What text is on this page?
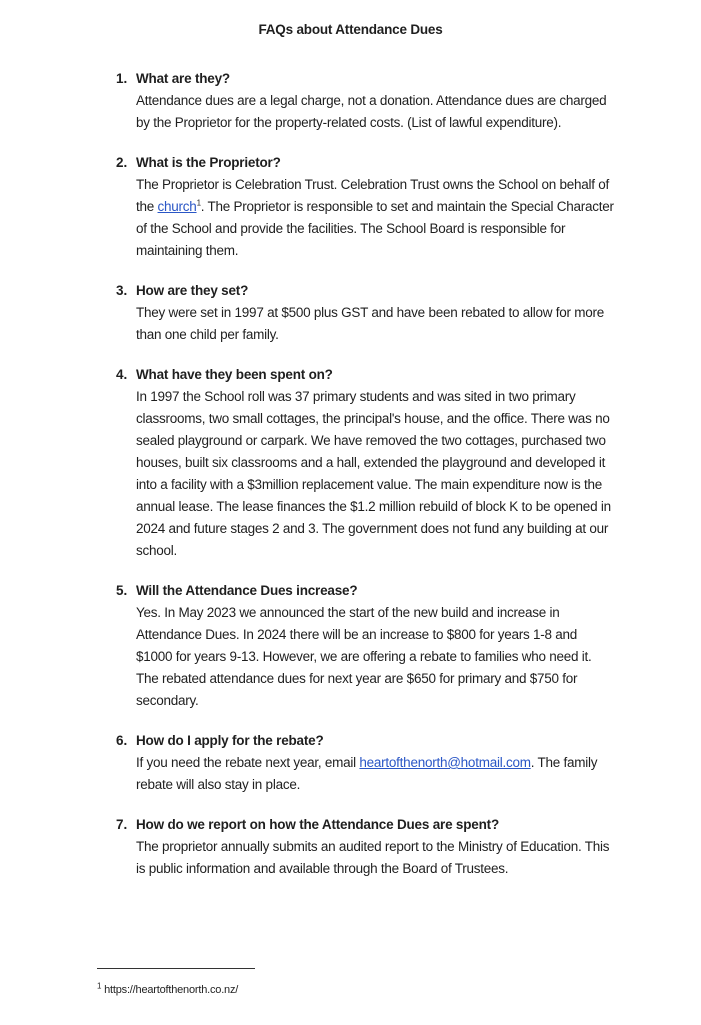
FAQs about Attendance Dues
1. What are they?
Attendance dues are a legal charge, not a donation. Attendance dues are charged by the Proprietor for the property-related costs. (List of lawful expenditure).
2. What is the Proprietor?
The Proprietor is Celebration Trust. Celebration Trust owns the School on behalf of the church$^1$. The Proprietor is responsible to set and maintain the Special Character of the School and provide the facilities. The School Board is responsible for maintaining them.
3. How are they set?
They were set in 1997 at $500 plus GST and have been rebated to allow for more than one child per family.
4. What have they been spent on?
In 1997 the School roll was 37 primary students and was sited in two primary classrooms, two small cottages, the principal's house, and the office. There was no sealed playground or carpark. We have removed the two cottages, purchased two houses, built six classrooms and a hall, extended the playground and developed it into a facility with a $3million replacement value. The main expenditure now is the annual lease. The lease finances the $1.2 million rebuild of block K to be opened in 2024 and future stages 2 and 3. The government does not fund any building at our school.
5. Will the Attendance Dues increase?
Yes. In May 2023 we announced the start of the new build and increase in Attendance Dues. In 2024 there will be an increase to $800 for years 1-8 and $1000 for years 9-13. However, we are offering a rebate to families who need it. The rebated attendance dues for next year are $650 for primary and $750 for secondary.
6. How do I apply for the rebate?
If you need the rebate next year, email heartofthenorth@hotmail.com. The family rebate will also stay in place.
7. How do we report on how the Attendance Dues are spent?
The proprietor annually submits an audited report to the Ministry of Education. This is public information and available through the Board of Trustees.
$^1$ https://heartofthenorth.co.nz/
